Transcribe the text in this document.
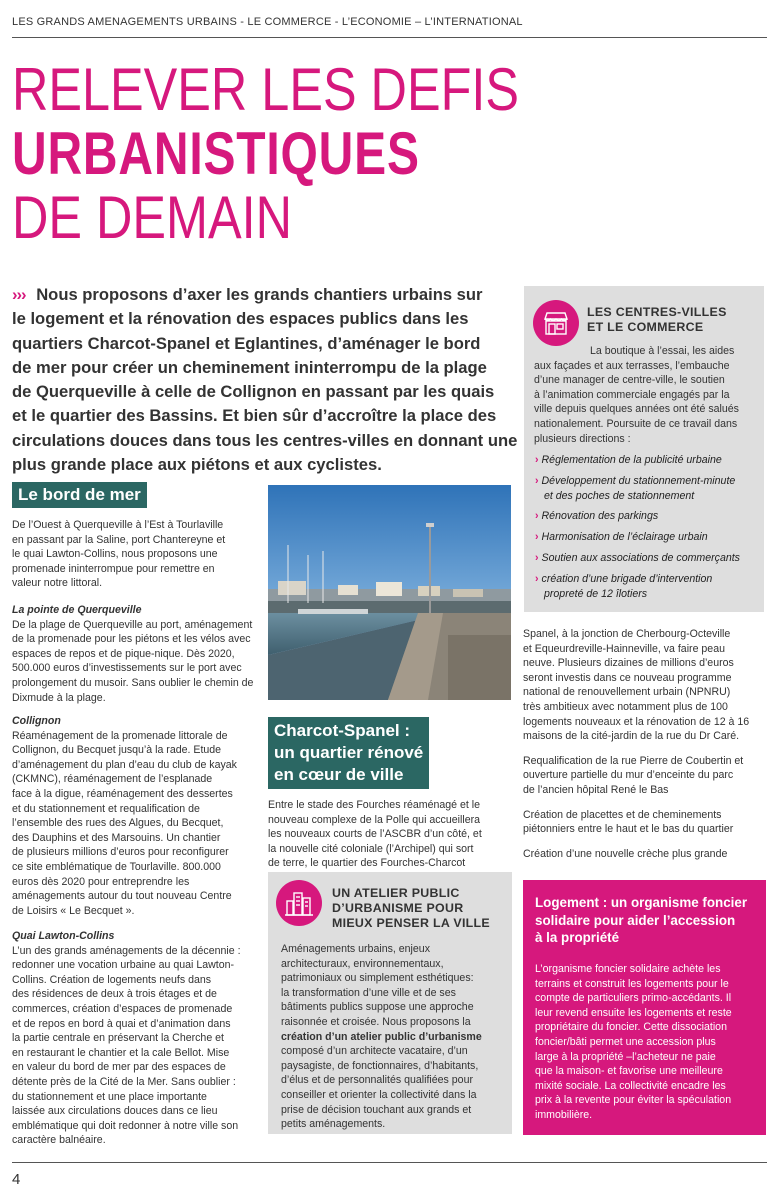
LES GRANDS AMENAGEMENTS URBAINS - LE COMMERCE - L’ECONOMIE – L’INTERNATIONAL
RELEVER LES DEFIS
URBANISTIQUES
DE DEMAIN

››› Nous proposons d’axer les grands chantiers urbains sur

le logement et la rénovation des espaces publics dans les

quartiers Charcot-Spanel et Eglantines, d’aménager le bord

de mer pour créer un cheminement ininterrompu de la plage

de Querqueville à celle de Collignon en passant par les quais

et le quartier des Bassins. Et bien sûr d’accroître la place des

circulations douces dans tous les centres-villes en donnant une

plus grande place aux piétons et aux cyclistes.

Le bord de mer

De l’Ouest à Querqueville à l’Est à Tourlaville

en passant par la Saline, port Chantereyne et

le quai Lawton-Collins, nous proposons une

promenade ininterrompue pour remettre en

valeur notre littoral.

La pointe de Querqueville

De la plage de Querqueville au port, aménagement

de la promenade pour les piétons et les vélos avec

espaces de repos et de pique-nique. Dès 2020,

500.000 euros d’investissements sur le port avec

prolongement du musoir. Sans oublier le chemin de

Dixmude à la plage.

Collignon

Réaménagement de la promenade littorale de

Collignon, du Becquet jusqu’à la rade. Etude

d’aménagement du plan d’eau du club de kayak

(CKMNC), réaménagement de l’esplanade

face à la digue, réaménagement des dessertes

et du stationnement et requalification de

l’ensemble des rues des Algues, du Becquet,

des Dauphins et des Marsouins. Un chantier

de plusieurs millions d’euros pour reconfigurer

ce site emblématique de Tourlaville. 800.000

euros dès 2020 pour entreprendre les

aménagements autour du tout nouveau Centre

de Loisirs « Le Becquet ».

Quai Lawton-Collins

L’un des grands aménagements de la décennie :

redonner une vocation urbaine au quai Lawton-

Collins. Création de logements neufs dans

des résidences de deux à trois étages et de

commerces, création d’espaces de promenade

et de repos en bord à quai et d’animation dans

la partie centrale en préservant la Cherche et

en restaurant le chantier et la cale Bellot. Mise

en valeur du bord de mer par des espaces de

détente près de la Cité de la Mer. Sans oublier :

du stationnement et une place importante

laissée aux circulations douces dans ce lieu

emblématique qui doit redonner à notre ville son

caractère balnéaire.

Charcot-Spanel :
un quartier rénové
en cœur de ville

Entre le stade des Fourches réaménagé et le

nouveau complexe de la Polle qui accueillera

les nouveaux courts de l’ASCBR d’un côté, et

la nouvelle cité coloniale (l’Archipel) qui sort

de terre, le quartier des Fourches-Charcot

UN ATELIER PUBLIC
D’URBANISME POUR
MIEUX PENSER LA VILLE

Aménagements urbains, enjeux

architecturaux, environnementaux,

patrimoniaux ou simplement esthétiques:

la transformation d’une ville et de ses

bâtiments publics suppose une approche

raisonnée et croisée. Nous proposons la

création d’un atelier public d’urbanisme

composé d’un architecte vacataire, d’un

paysagiste, de fonctionnaires, d’habitants,

d’élus et de personnalités qualifiées pour

conseiller et orienter la collectivité dans la

prise de décision touchant aux grands et

petits aménagements.

LES CENTRES-VILLES
ET LE COMMERCE

La boutique à l’essai, les aides

aux façades et aux terrasses, l’embauche

d’une manager de centre-ville, le soutien

à l’animation commerciale engagés par la

ville depuis quelques années ont été salués

nationalement. Poursuite de ce travail dans

plusieurs directions :

› Réglementation de la publicité urbaine
› Développement du stationnement-minute
et des poches de stationnement
› Rénovation des parkings
› Harmonisation de l’éclairage urbain
› Soutien aux associations de commerçants
› création d’une brigade d’intervention
propreté de 12 îlotiers

Spanel, à la jonction de Cherbourg-Octeville

et Equeurdreville-Hainneville, va faire peau

neuve. Plusieurs dizaines de millions d’euros

seront investis dans ce nouveau programme

national de renouvellement urbain (NPNRU)

très ambitieux avec notamment plus de 100

logements nouveaux et la rénovation de 12 à 16

maisons de la cité-jardin de la rue du Dr Caré.

Requalification de la rue Pierre de Coubertin et

ouverture partielle du mur d’enceinte du parc

de l’ancien hôpital René le Bas

Création de placettes et de cheminements

piétonniers entre le haut et le bas du quartier

Création d’une nouvelle crèche plus grande

Logement : un organisme foncier
solidaire pour aider l’accession
à la propriété

L’organisme foncier solidaire achète les

terrains et construit les logements pour le

compte de particuliers primo-accédants. Il

leur revend ensuite les logements et reste

propriétaire du foncier. Cette dissociation

foncier/bâti permet une accession plus

large à la propriété –l’acheteur ne paie

que la maison- et favorise une meilleure

mixité sociale. La collectivité encadre les

prix à la revente pour éviter la spéculation

immobilière.

4
